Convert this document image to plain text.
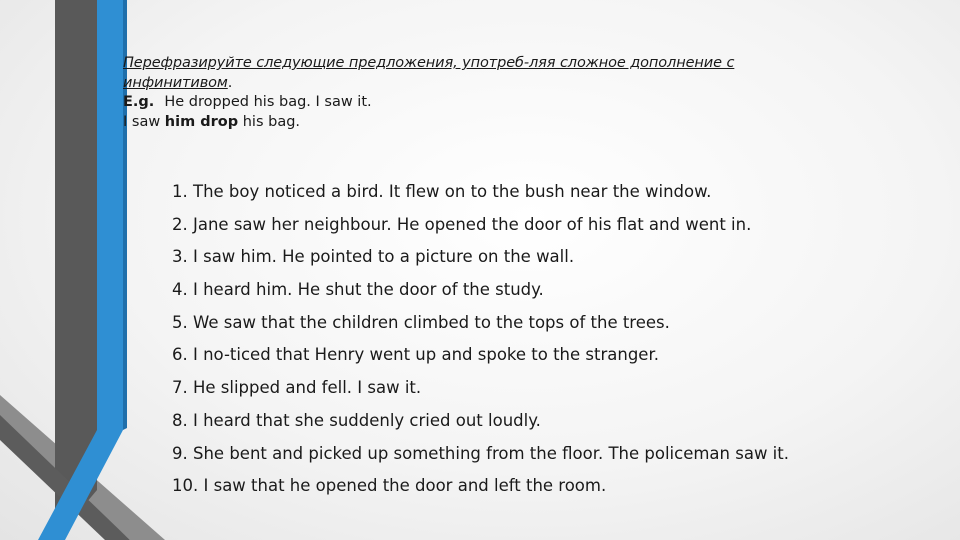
Перефразируйте следующие предложения, употреб-ляя сложное дополнение с
инфинитивом.
E.g. He dropped his bag. I saw it.
I saw him drop his bag.
1. The boy noticed a bird. It flew on to the bush near the window.
2. Jane saw her neighbour. He opened the door of his flat and went in.
3. I saw him. He pointed to a picture on the wall.
4. I heard him. He shut the door of the study.
5. We saw that the children climbed to the tops of the trees.
6. I no-ticed that Henry went up and spoke to the stranger.
7. He slipped and fell. I saw it.
8. I heard that she suddenly cried out loudly.
9. She bent and picked up something from the floor. The policeman saw it.
10. I saw that he opened the door and left the room.
